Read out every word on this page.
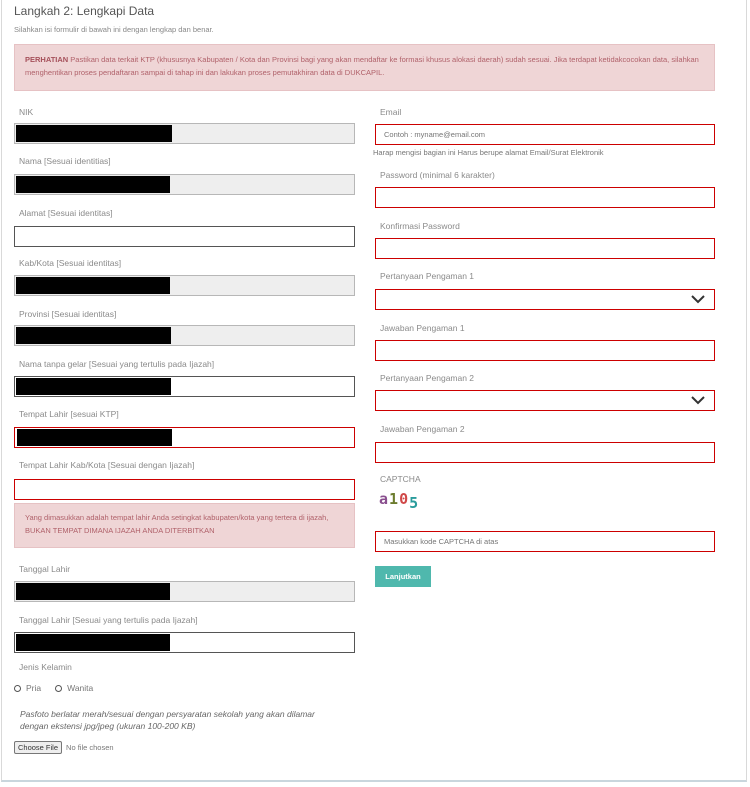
Langkah 2: Lengkapi Data
Silahkan isi formulir di bawah ini dengan lengkap dan benar.
PERHATIAN Pastikan data terkait KTP (khususnya Kabupaten / Kota dan Provinsi bagi yang akan mendaftar ke formasi khusus alokasi daerah) sudah sesuai. Jika terdapat ketidakcocokan data, silahkan menghentikan proses pendaftaran sampai di tahap ini dan lakukan proses pemutakhiran data di DUKCAPIL.
NIK
Nama [Sesuai identitias]
Alamat [Sesuai identitas]
Kab/Kota [Sesuai identitas]
Provinsi [Sesuai identitas]
Nama tanpa gelar [Sesuai yang tertulis pada Ijazah]
Tempat Lahir [sesuai KTP]
Tempat Lahir Kab/Kota [Sesuai dengan Ijazah]
Yang dimasukkan adalah tempat lahir Anda setingkat kabupaten/kota yang tertera di ijazah, BUKAN TEMPAT DIMANA IJAZAH ANDA DITERBITKAN
Tanggal Lahir
Tanggal Lahir [Sesuai yang tertulis pada Ijazah]
Jenis Kelamin
Pria	Wanita
Pasfoto berlatar merah/sesuai dengan persyaratan sekolah yang akan dilamar dengan ekstensi jpg/jpeg (ukuran 100-200 KB)
Choose File	No file chosen
Email
Contoh : myname@email.com
Harap mengisi bagian ini Harus berupe alamat Email/Surat Elektronik
Password (minimal 6 karakter)
Konfirmasi Password
Pertanyaan Pengaman 1
Jawaban Pengaman 1
Pertanyaan Pengaman 2
Jawaban Pengaman 2
CAPTCHA
a105
Masukkan kode CAPTCHA di atas
Lanjutkan
